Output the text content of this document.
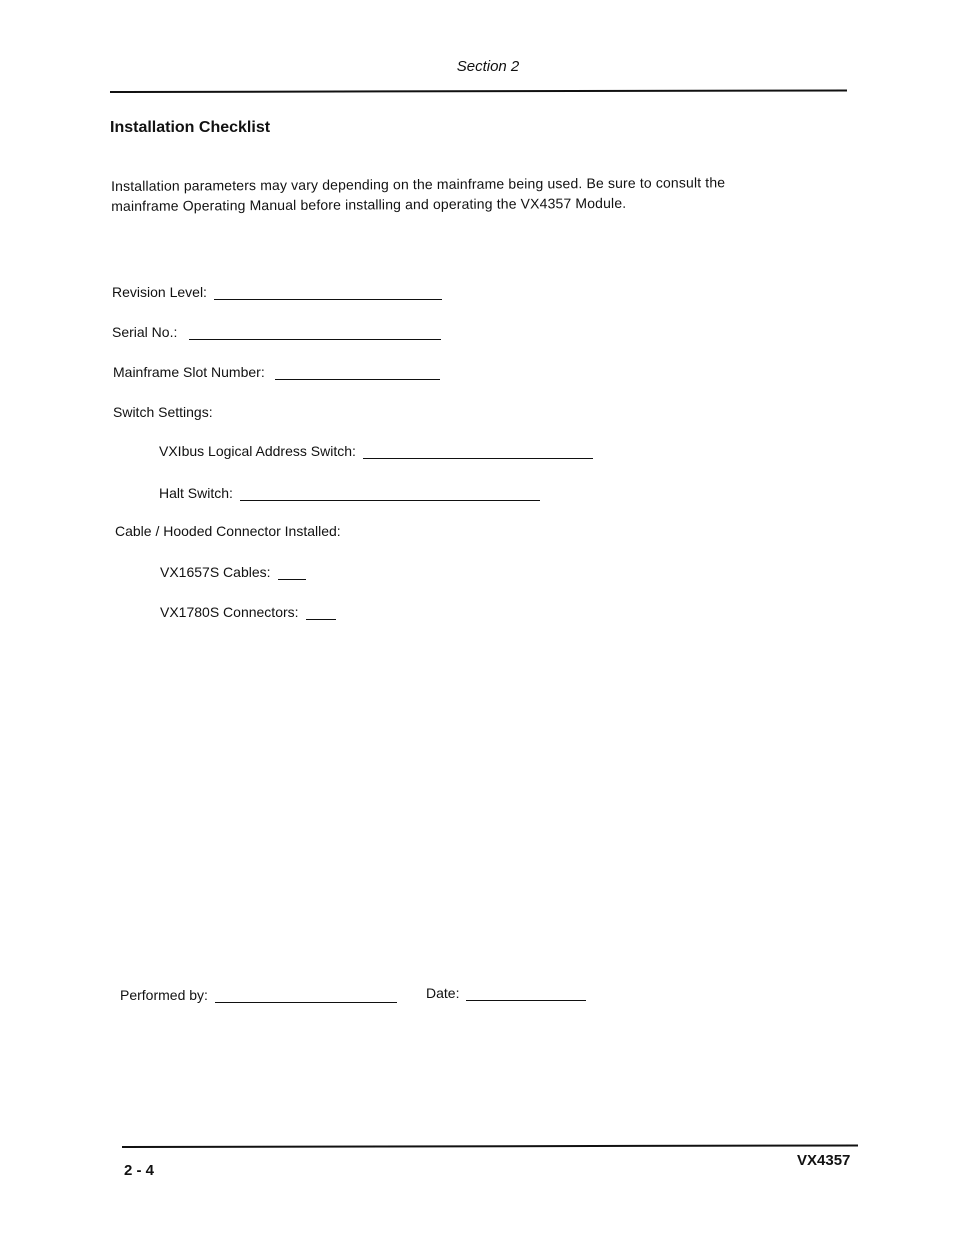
Section 2
Installation Checklist
Installation parameters may vary depending on the mainframe being used. Be sure to consult the
mainframe Operating Manual before installing and operating the VX4357 Module.
Revision Level:
Serial No.:
Mainframe Slot Number:
Switch Settings:
VXIbus Logical Address Switch:
Halt Switch:
Cable / Hooded Connector Installed:
VX1657S Cables:
VX1780S Connectors:
Performed by:	Date:
2 - 4
VX4357
